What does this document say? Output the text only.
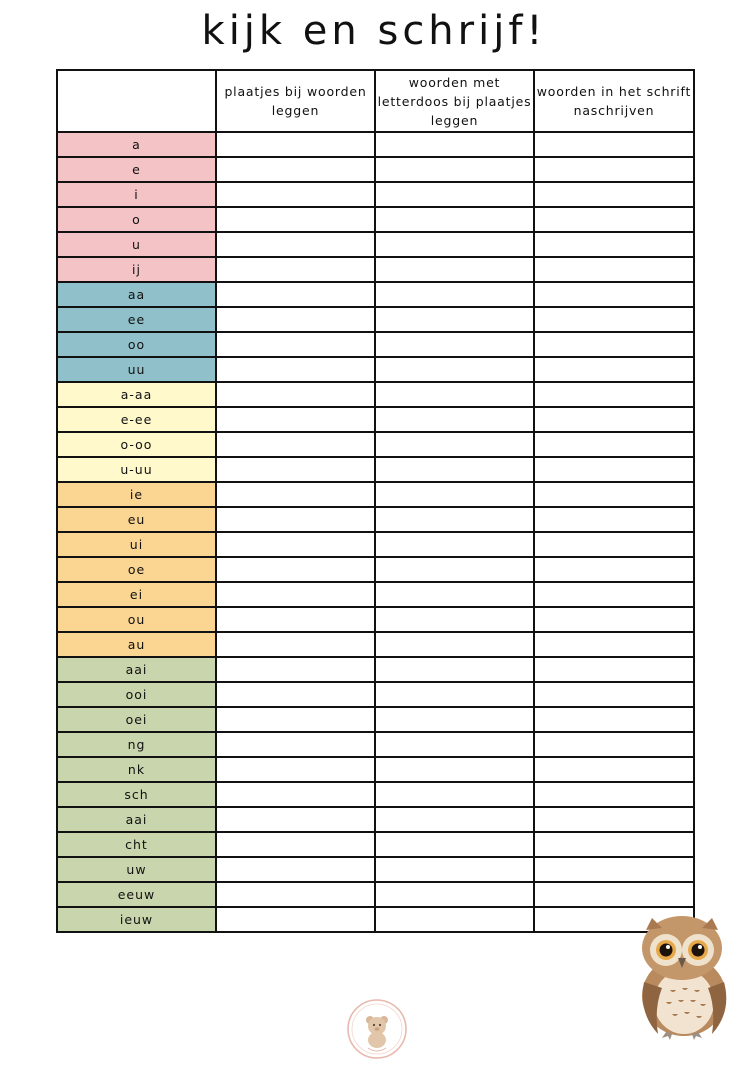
kijk en schrijf!
	plaatjes bij woorden leggen	woorden met letterdoos bij plaatjes leggen	woorden in het schrift naschrijven
a			
e			
i			
o			
u			
ij			
aa			
ee			
oo			
uu			
a-aa			
e-ee			
o-oo			
u-uu			
ie			
eu			
ui			
oe			
ei			
ou			
au			
aai			
ooi			
oei			
ng			
nk			
sch			
aai			
cht			
uw			
eeuw			
ieuw			
